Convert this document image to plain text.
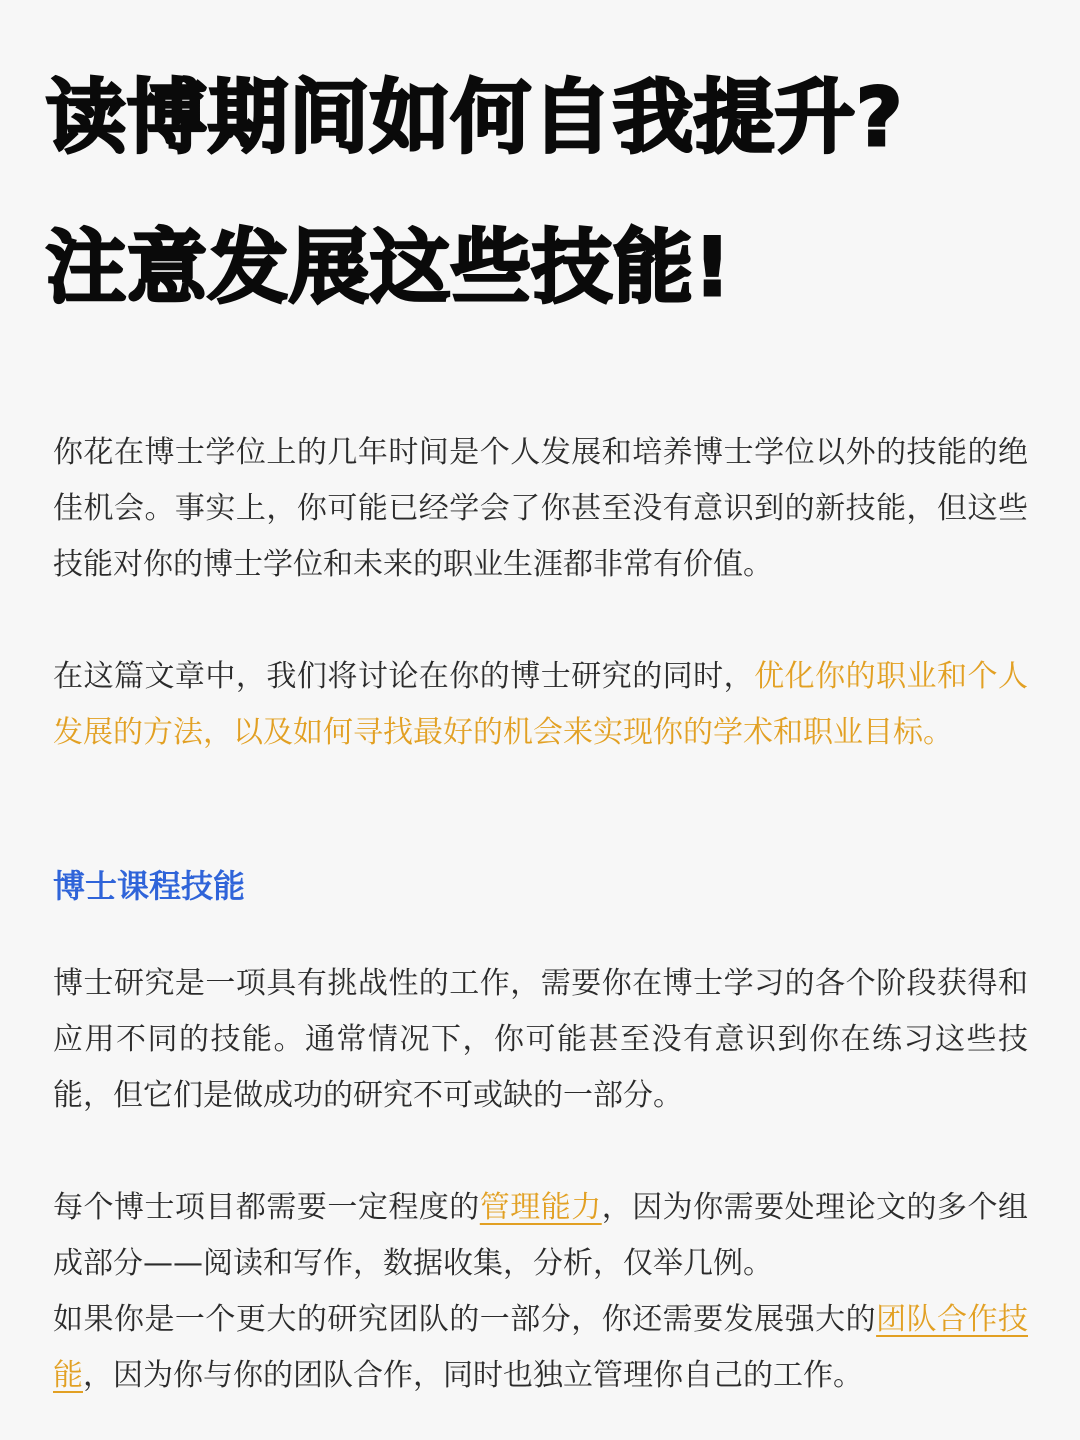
读博期间如何自我提升?
注意发展这些技能!

你花在博士学位上的几年时间是个人发展和培养博士学位以外的技能的绝佳机会。事实上，你可能已经学会了你甚至没有意识到的新技能，但这些技能对你的博士学位和未来的职业生涯都非常有价值。

在这篇文章中，我们将讨论在你的博士研究的同时，优化你的职业和个人发展的方法，以及如何寻找最好的机会来实现你的学术和职业目标。

博士课程技能

博士研究是一项具有挑战性的工作，需要你在博士学习的各个阶段获得和应用不同的技能。通常情况下，你可能甚至没有意识到你在练习这些技能，但它们是做成功的研究不可或缺的一部分。

每个博士项目都需要一定程度的管理能力，因为你需要处理论文的多个组成部分——阅读和写作，数据收集，分析，仅举几例。
如果你是一个更大的研究团队的一部分，你还需要发展强大的团队合作技能，因为你与你的团队合作，同时也独立管理你自己的工作。
